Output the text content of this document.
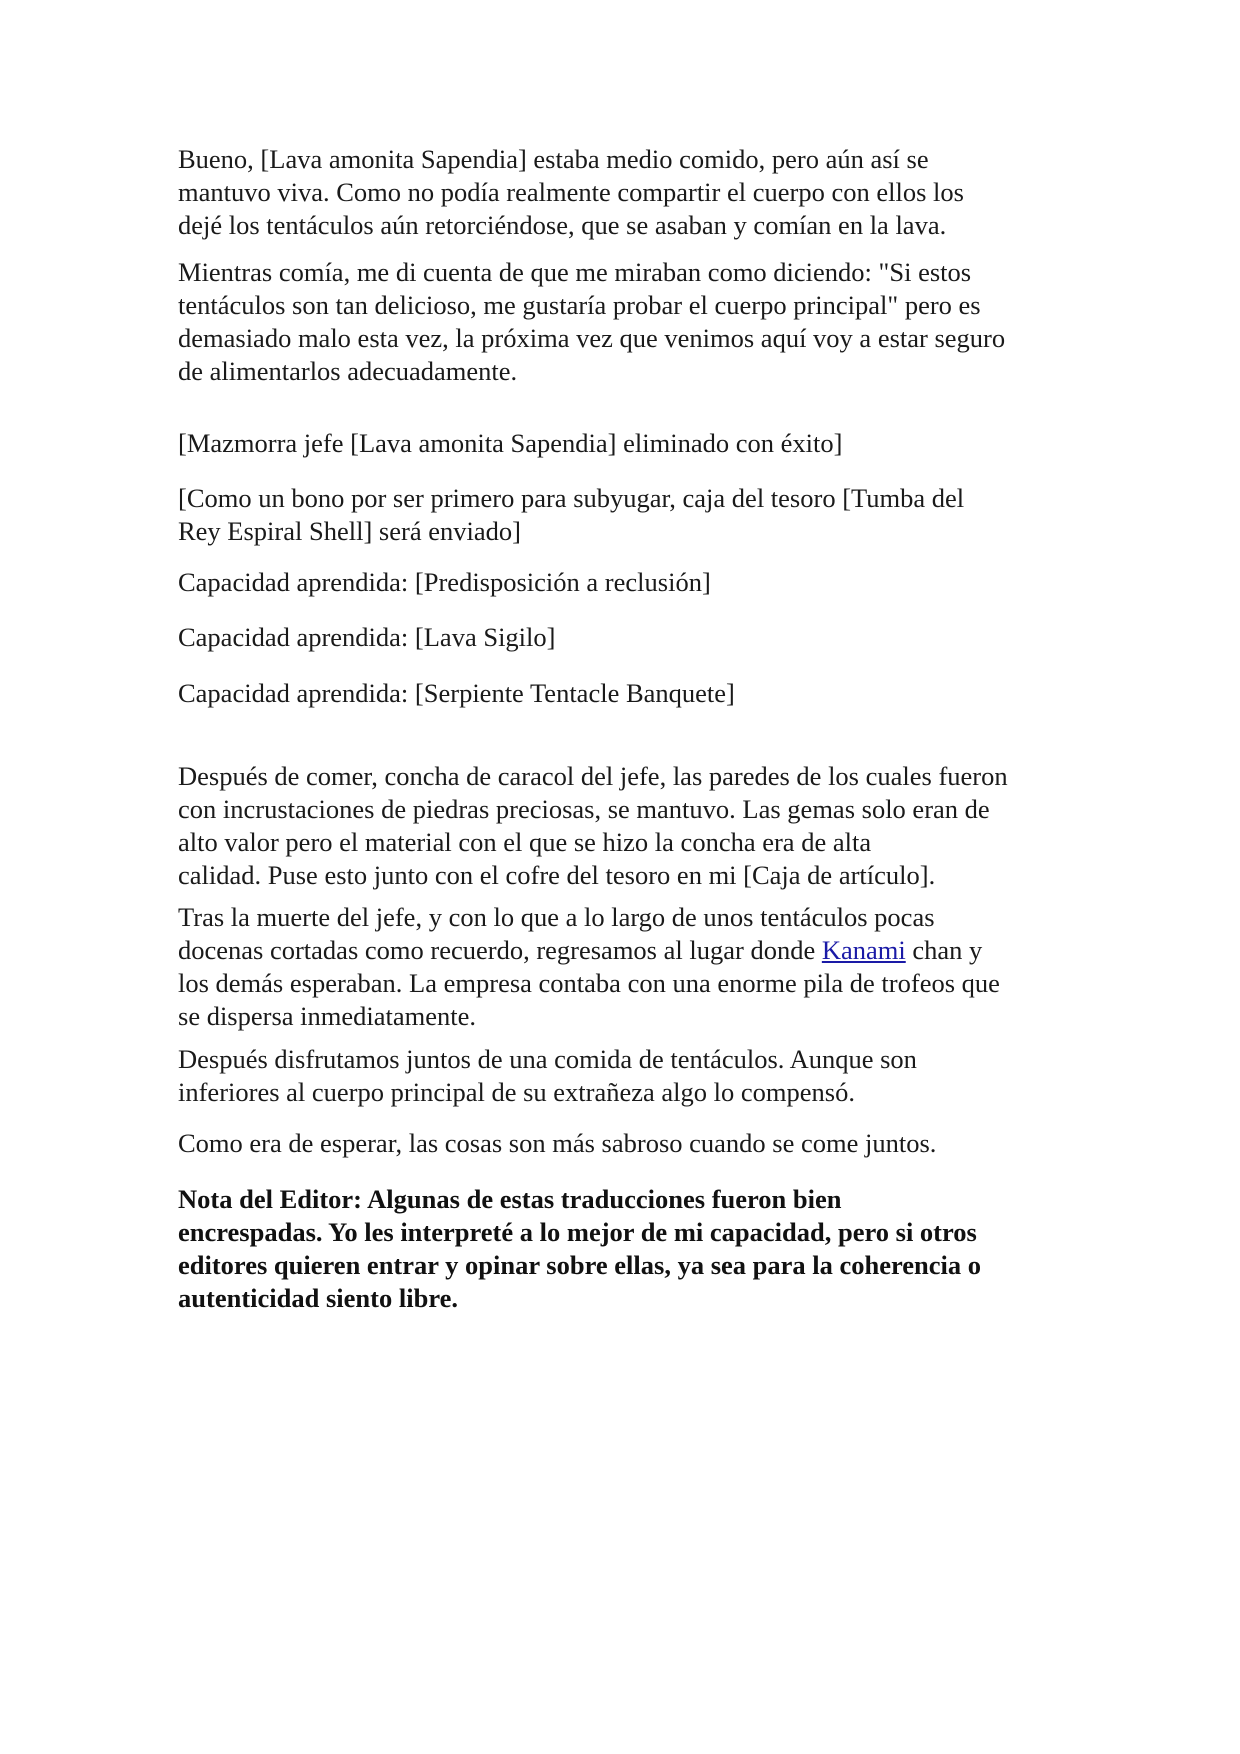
Bueno, [Lava amonita Sapendia] estaba medio comido, pero aún así se
mantuvo viva. Como no podía realmente compartir el cuerpo con ellos los
dejé los tentáculos aún retorciéndose, que se asaban y comían en la lava.
Mientras comía, me di cuenta de que me miraban como diciendo: "Si estos
tentáculos son tan delicioso, me gustaría probar el cuerpo principal" pero es
demasiado malo esta vez, la próxima vez que venimos aquí voy a estar seguro
de alimentarlos adecuadamente.
[Mazmorra jefe [Lava amonita Sapendia] eliminado con éxito]
[Como un bono por ser primero para subyugar, caja del tesoro [Tumba del
Rey Espiral Shell] será enviado]
Capacidad aprendida: [Predisposición a reclusión]
Capacidad aprendida: [Lava Sigilo]
Capacidad aprendida: [Serpiente Tentacle Banquete]
Después de comer, concha de caracol del jefe, las paredes de los cuales fueron
con incrustaciones de piedras preciosas, se mantuvo. Las gemas solo eran de
alto valor pero el material con el que se hizo la concha era de alta
calidad. Puse esto junto con el cofre del tesoro en mi [Caja de artículo].
Tras la muerte del jefe, y con lo que a lo largo de unos tentáculos pocas
docenas cortadas como recuerdo, regresamos al lugar donde Kanami chan y
los demás esperaban. La empresa contaba con una enorme pila de trofeos que
se dispersa inmediatamente.
Después disfrutamos juntos de una comida de tentáculos. Aunque son
inferiores al cuerpo principal de su extrañeza algo lo compensó.
Como era de esperar, las cosas son más sabroso cuando se come juntos.
Nota del Editor: Algunas de estas traducciones fueron bien
encrespadas. Yo les interpreté a lo mejor de mi capacidad, pero si otros
editores quieren entrar y opinar sobre ellas, ya sea para la coherencia o
autenticidad siento libre.
